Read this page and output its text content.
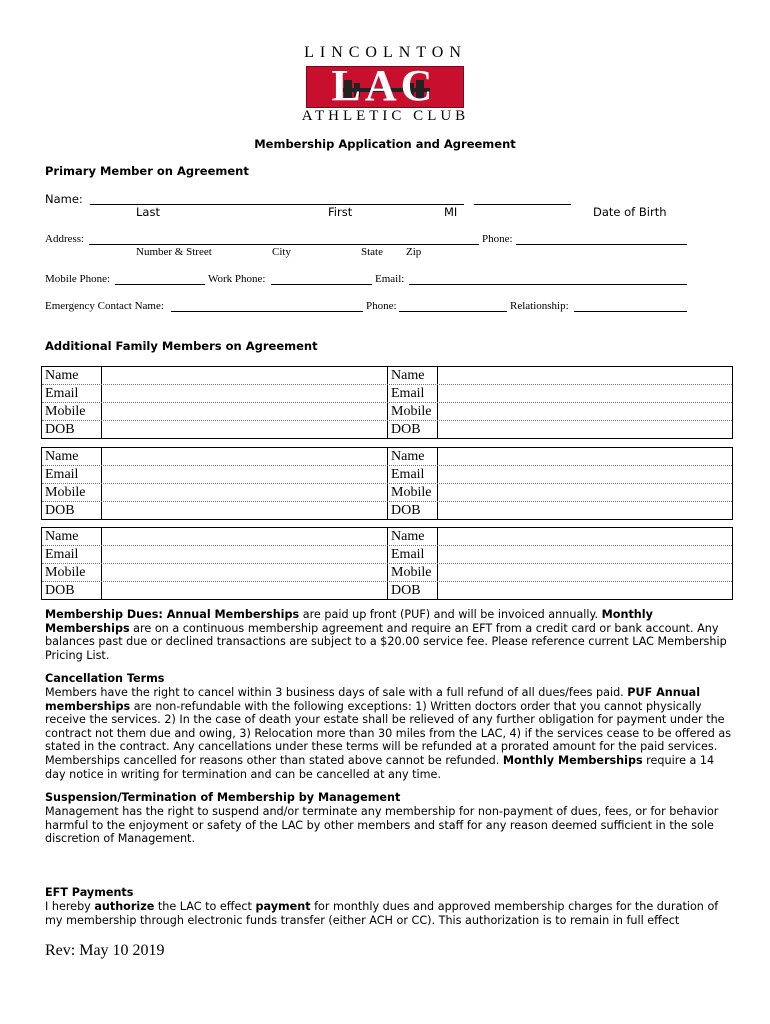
LINCOLNTON
LAC
ATHLETIC CLUB
Membership Application and Agreement
Primary Member on Agreement
Name:
Last	First	MI	Date of Birth
Address:	Phone:
Number & Street	City	State Zip
Mobile Phone:	Work Phone:	Email:
Emergency Contact Name:	Phone:	Relationship:
Additional Family Members on Agreement
Name	Name
Email	Email
Mobile	Mobile
DOB	DOB
Name	Name
Email	Email
Mobile	Mobile
DOB	DOB
Name	Name
Email	Email
Mobile	Mobile
DOB	DOB
Membership Dues: Annual Memberships are paid up front (PUF) and will be invoiced annually. Monthly Memberships are on a continuous membership agreement and require an EFT from a credit card or bank account. Any balances past due or declined transactions are subject to a $20.00 service fee. Please reference current LAC Membership Pricing List.
Cancellation Terms
Members have the right to cancel within 3 business days of sale with a full refund of all dues/fees paid. PUF Annual memberships are non-refundable with the following exceptions: 1) Written doctors order that you cannot physically receive the services. 2) In the case of death your estate shall be relieved of any further obligation for payment under the contract not them due and owing, 3) Relocation more than 30 miles from the LAC, 4) if the services cease to be offered as stated in the contract. Any cancellations under these terms will be refunded at a prorated amount for the paid services. Memberships cancelled for reasons other than stated above cannot be refunded. Monthly Memberships require a 14 day notice in writing for termination and can be cancelled at any time.
Suspension/Termination of Membership by Management
Management has the right to suspend and/or terminate any membership for non-payment of dues, fees, or for behavior harmful to the enjoyment or safety of the LAC by other members and staff for any reason deemed sufficient in the sole discretion of Management.
EFT Payments
I hereby authorize the LAC to effect payment for monthly dues and approved membership charges for the duration of my membership through electronic funds transfer (either ACH or CC). This authorization is to remain in full effect
Rev: May 10 2019
